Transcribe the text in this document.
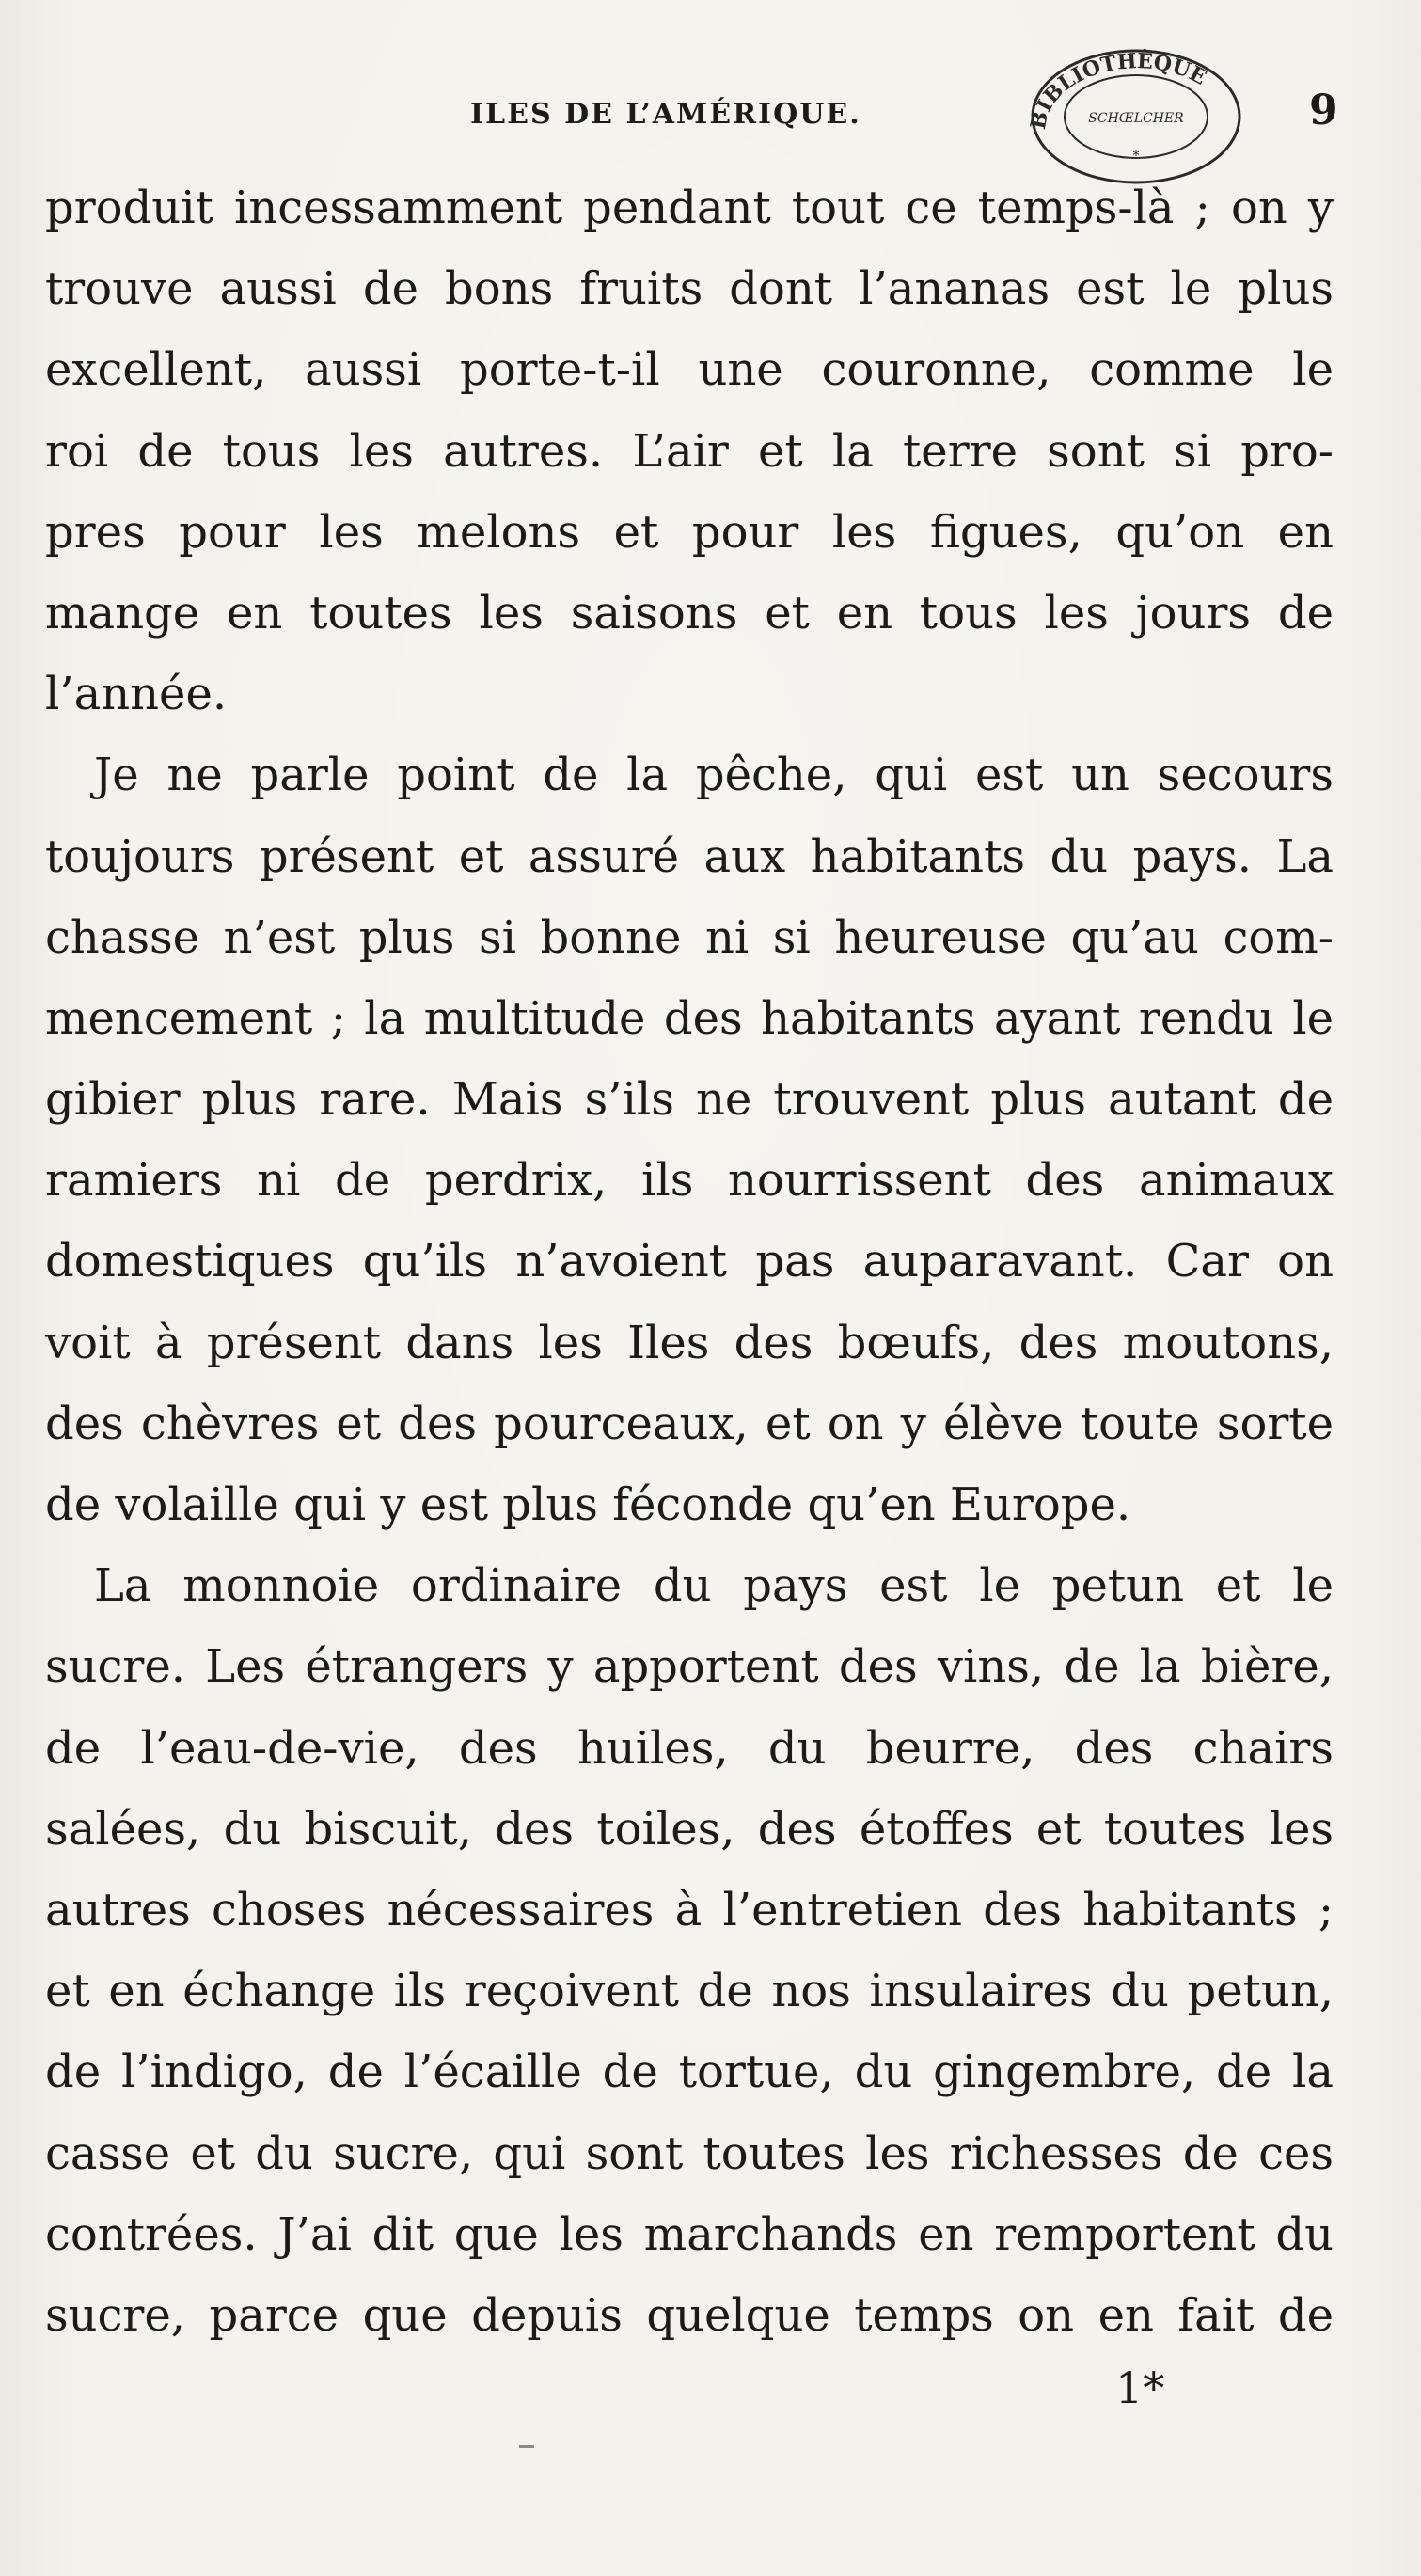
ILES DE L’AMÉRIQUE.	9
BIBLIOTHÈQUE
SCHŒLCHER
*
produit incessamment pendant tout ce temps-là ; on y
trouve aussi de bons fruits dont l’ananas est le plus
excellent, aussi porte-t-il une couronne, comme le
roi de tous les autres. L’air et la terre sont si pro-
pres pour les melons et pour les figues, qu’on en
mange en toutes les saisons et en tous les jours de
l’année.
Je ne parle point de la pêche, qui est un secours
toujours présent et assuré aux habitants du pays. La
chasse n’est plus si bonne ni si heureuse qu’au com-
mencement ; la multitude des habitants ayant rendu le
gibier plus rare. Mais s’ils ne trouvent plus autant de
ramiers ni de perdrix, ils nourrissent des animaux
domestiques qu’ils n’avoient pas auparavant. Car on
voit à présent dans les Iles des bœufs, des moutons,
des chèvres et des pourceaux, et on y élève toute sorte
de volaille qui y est plus féconde qu’en Europe.
La monnoie ordinaire du pays est le petun et le
sucre. Les étrangers y apportent des vins, de la bière,
de l’eau-de-vie, des huiles, du beurre, des chairs
salées, du biscuit, des toiles, des étoffes et toutes les
autres choses nécessaires à l’entretien des habitants ;
et en échange ils reçoivent de nos insulaires du petun,
de l’indigo, de l’écaille de tortue, du gingembre, de la
casse et du sucre, qui sont toutes les richesses de ces
contrées. J’ai dit que les marchands en remportent du
sucre, parce que depuis quelque temps on en fait de
1*
